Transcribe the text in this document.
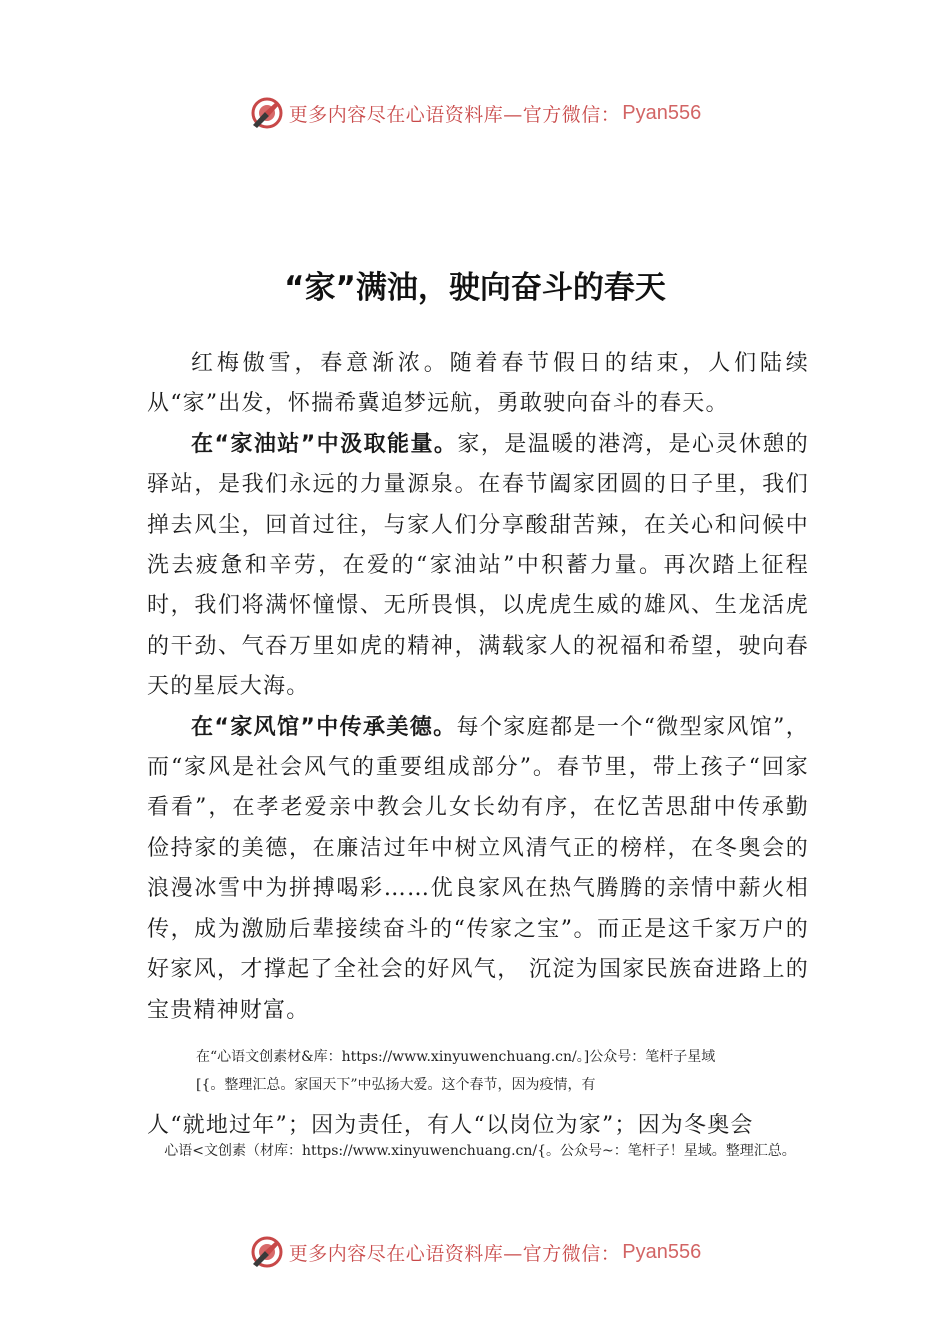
更多内容尽在心语资料库—官方微信： Pyan556
“家”满油，驶向奋斗的春天

红梅傲雪，春意渐浓。随着春节假日的结束，人们陆续从“家”出发，怀揣希冀追梦远航，勇敢驶向奋斗的春天。

在“家油站”中汲取能量。家，是温暖的港湾，是心灵休憩的驿站，是我们永远的力量源泉。在春节阖家团圆的日子里，我们掸去风尘，回首过往，与家人们分享酸甜苦辣，在关心和问候中洗去疲惫和辛劳，在爱的“家油站”中积蓄力量。再次踏上征程时，我们将满怀憧憬、无所畏惧，以虎虎生威的雄风、生龙活虎的干劲、气吞万里如虎的精神，满载家人的祝福和希望，驶向春天的星辰大海。

在“家风馆”中传承美德。每个家庭都是一个“微型家风馆”，而“家风是社会风气的重要组成部分”。春节里，带上孩子“回家看看”，在孝老爱亲中教会儿女长幼有序，在忆苦思甜中传承勤俭持家的美德，在廉洁过年中树立风清气正的榜样，在冬奥会的浪漫冰雪中为拼搏喝彩……优良家风在热气腾腾的亲情中薪火相传，成为激励后辈接续奋斗的“传家之宝”。而正是这千家万户的好家风，才撑起了全社会的好风气， 沉淀为国家民族奋进路上的宝贵精神财富。

在“心语文创素材&库：https://www.xinyuwenchuang.cn/。]公众号：笔杆子星域

[{。整理汇总。家国天下”中弘扬大爱。这个春节，因为疫情，有

人“就地过年”；因为责任，有人“以岗位为家”；因为冬奥会

心语<文创素（材库：https://www.xinyuwenchuang.cn/{。公众号~：笔杆子！星域。整理汇总。

更多内容尽在心语资料库—官方微信： Pyan556
